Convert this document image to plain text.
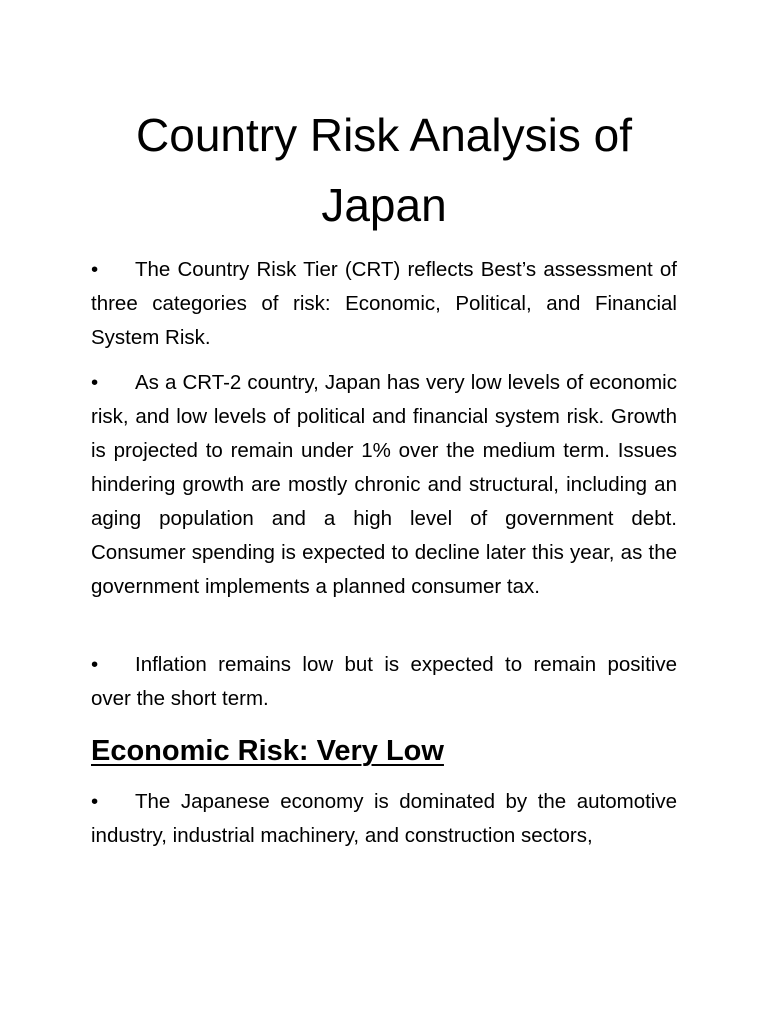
Country Risk Analysis of Japan

• The Country Risk Tier (CRT) reflects Best’s assessment of three categories of risk: Economic, Political, and Financial System Risk.

• As a CRT-2 country, Japan has very low levels of economic risk, and low levels of political and financial system risk. Growth is projected to remain under 1% over the medium term. Issues hindering growth are mostly chronic and structural, including an aging population and a high level of government debt. Consumer spending is expected to decline later this year, as the government implements a planned consumer tax.

• Inflation remains low but is expected to remain positive over the short term.

Economic Risk: Very Low

• The Japanese economy is dominated by the automotive industry, industrial machinery, and construction sectors,
